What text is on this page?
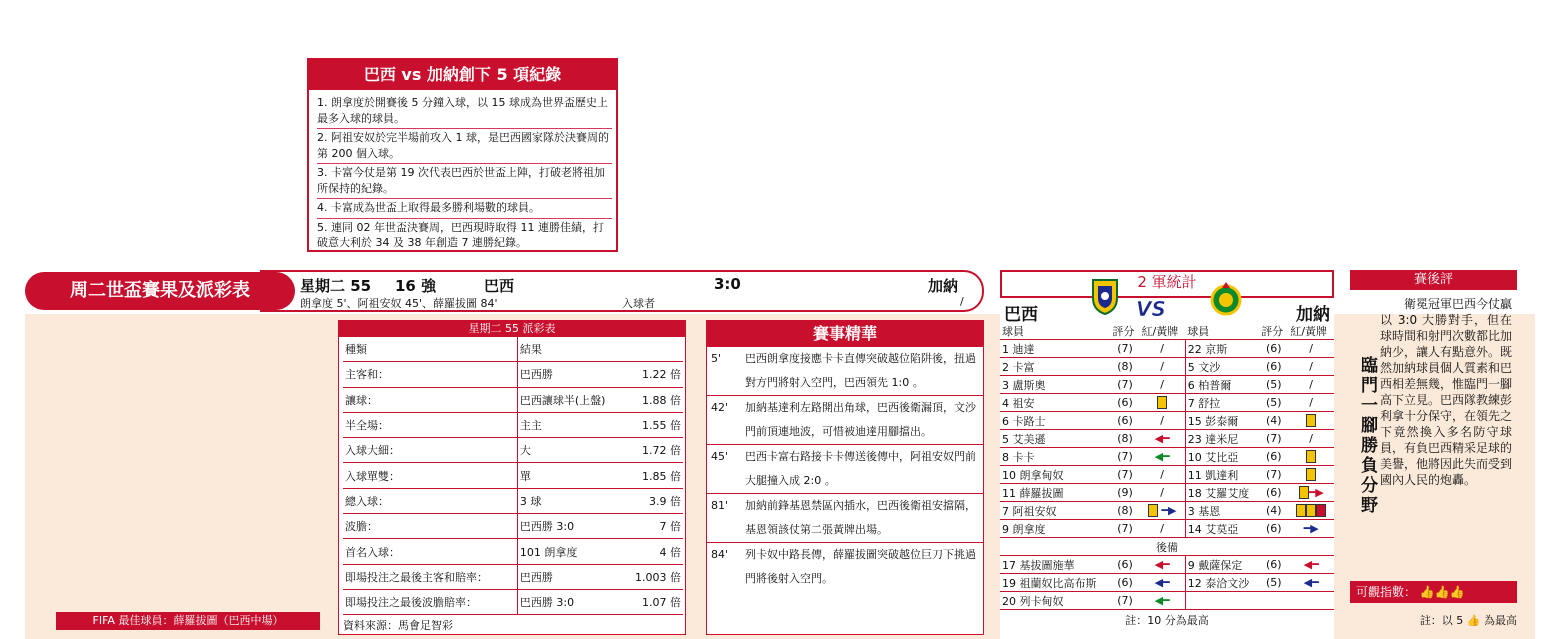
巴西 vs 加納創下 5 項紀錄
1. 朗拿度於開賽後 5 分鐘入球，以 15 球成為世界盃歷史上最多入球的球員。
2. 阿祖安奴於完半場前攻入 1 球，是巴西國家隊於決賽周的第 200 個入球。
3. 卡富今仗是第 19 次代表巴西於世盃上陣，打破老將祖加所保持的紀錄。
4. 卡富成為世盃上取得最多勝利場數的球員。
5. 連同 02 年世盃決賽周，巴西現時取得 11 連勝佳績，打破意大利於 34 及 38 年創造 7 連勝紀錄。
星期二 55 16 強	巴西	3:0	加納
朗拿度 5'、阿祖安奴 45'、薛羅拔圖 84'	入球者	/
周二世盃賽果及派彩表
星期二 55 派彩表
種類	結果	
主客和：	巴西勝	1.22 倍
讓球：	巴西讓球半(上盤)	1.88 倍
半全場：	主主	1.55 倍
入球大細：	大	1.72 倍
入球單雙：	單	1.85 倍
總入球：	3 球	3.9 倍
波膽：	巴西勝 3:0	7 倍
首名入球：	101 朗拿度	4 倍
即場投注之最後主客和賠率：	巴西勝	1.003 倍
即場投注之最後波膽賠率：	巴西勝 3:0	1.07 倍
資料來源：馬會足智彩
賽事精華
5'	巴西朗拿度接應卡卡直傳突破越位陷阱後，扭過對方門將射入空門，巴西領先 1:0 。
42'	加納基達利左路開出角球，巴西後衛漏頂，文沙門前頂連地波，可惜被迪達用腳擋出。
45'	巴西卡富右路接卡卡傳送後傳中，阿祖安奴門前大腿撞入成 2:0 。
81'	加納前鋒基恩禁區內插水，巴西後衛祖安擋隔，基恩領該仗第二張黃牌出場。
84'	列卡奴中路長傳，薛羅拔圖突破越位巨刀下挑過門將後射入空門。
2 軍統計
VS
巴西	加納
球員	評分	紅/黃牌	球員	評分	紅/黃牌
1 迪達	(7)	/	22 京斯	(6)	/
2 卡富	(8)	/	5 文沙	(6)	/
3 盧斯奧	(7)	/	6 柏普爾	(5)	/
4 祖安	(6)		7 舒拉	(5)	/
6 卡路士	(6)	/	15 彭泰爾	(4)	
5 艾美遜	(8)	◀━	23 達米尼	(7)	/
8 卡卡	(7)	◀━	10 艾比亞	(6)	
10 朗拿甸奴	(7)	/	11 凱達利	(7)	
11 薛羅拔圖	(9)	/	18 艾羅艾度	(6)	━▶
7 阿祖安奴	(8)	━▶	3 基恩	(4)	
9 朗拿度	(7)	/	14 艾莫亞	(6)	━▶
後備					
17 基拔圖施華	(6)	◀━	9 戴薩保定	(6)	◀━
19 祖蘭奴比高布斯	(6)	◀━	12 泰洽文沙	(5)	◀━
20 列卡甸奴	(7)	◀━			
註：10 分為最高
賽後評
臨門一腳勝負分野
衛冕冠軍巴西今仗贏以 3:0 大勝對手，但在球時間和射門次數都比加納少，讓人有點意外。既然加納球員個人質素和巴西相差無幾，惟臨門一腳高下立見。巴西隊教練彭利拿十分保守，在領先之下竟然換入多名防守球員，有負巴西精采足球的美譽，他將因此失而受到國內人民的炮轟。
可觀指數： 👍👍👍
註：以 5 👍 為最高
FIFA 最佳球員：薛羅拔圖（巴西中場）
